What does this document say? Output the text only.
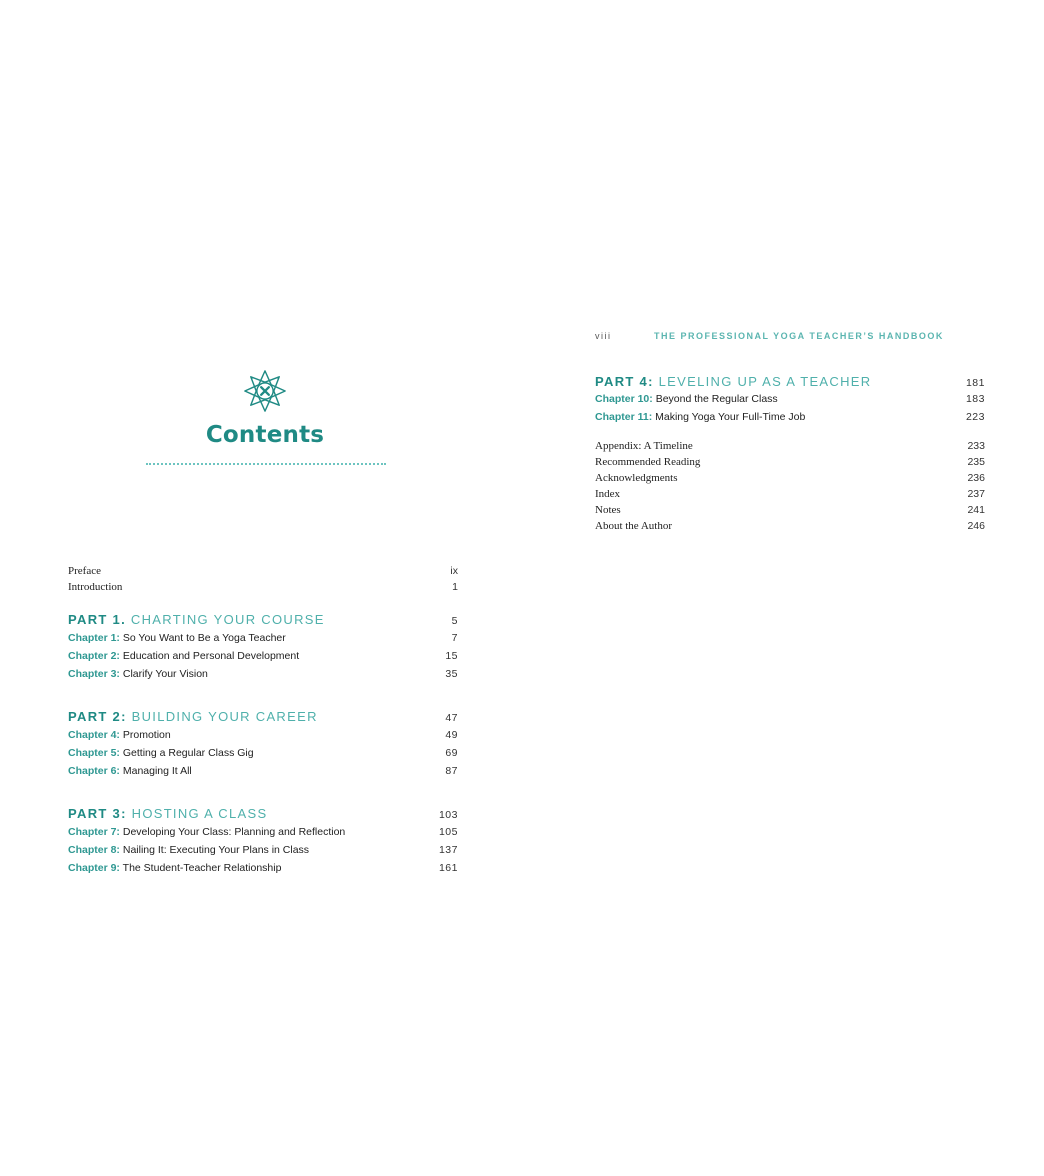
Contents
Preface	ix
Introduction	1
PART 1. CHARTING YOUR COURSE	5
Chapter 1: So You Want to Be a Yoga Teacher	7
Chapter 2: Education and Personal Development	15
Chapter 3: Clarify Your Vision	35
PART 2: BUILDING YOUR CAREER	47
Chapter 4: Promotion	49
Chapter 5: Getting a Regular Class Gig	69
Chapter 6: Managing It All	87
PART 3: HOSTING A CLASS	103
Chapter 7: Developing Your Class: Planning and Reflection	105
Chapter 8: Nailing It: Executing Your Plans in Class	137
Chapter 9: The Student-Teacher Relationship	161
viii	THE PROFESSIONAL YOGA TEACHER’S HANDBOOK
PART 4: LEVELING UP AS A TEACHER	181
Chapter 10: Beyond the Regular Class	183
Chapter 11: Making Yoga Your Full-Time Job	223
Appendix: A Timeline	233
Recommended Reading	235
Acknowledgments	236
Index	237
Notes	241
About the Author	246
